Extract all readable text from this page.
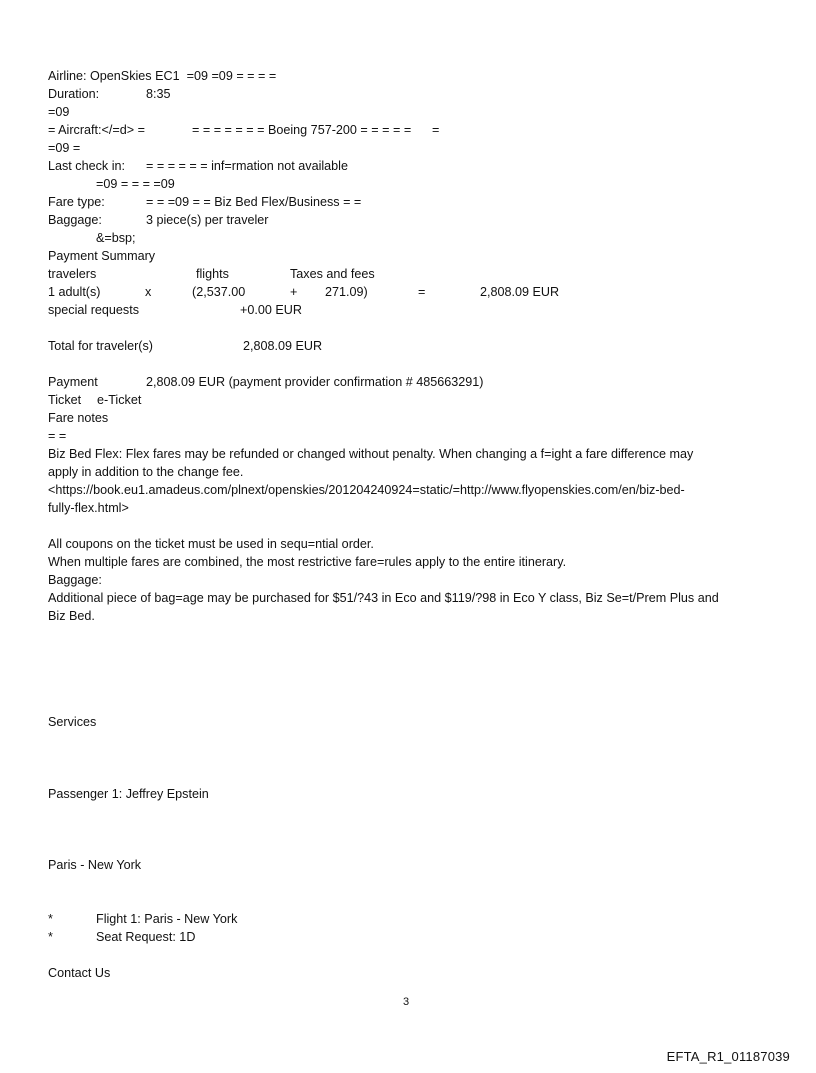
Airline: OpenSkies EC1  =09 =09 = = = =
Duration:	8:35
=09
= Aircraft:</=d> =	= = = = = = = Boeing 757-200 = = = = = =
=09 =
Last check in: = = = = = = inf=rmation not available
=09 = = = =09
Fare type:	= = =09 = = Biz Bed Flex/Business = =
Baggage:	3 piece(s) per traveler
&=bsp;
Payment Summary
travelers	flights	Taxes and fees
1 adult(s)	x	(2,537.00	+ 271.09)	=	2,808.09 EUR
special requests	+0.00 EUR
Total for traveler(s)	2,808.09 EUR
Payment	2,808.09 EUR (payment provider confirmation # 485663291)
Ticket e-Ticket
Fare notes
= =
Biz Bed Flex: Flex fares may be refunded or changed without penalty. When changing a f=ight a fare difference may
apply in addition to the change fee.
<https://book.eu1.amadeus.com/plnext/openskies/201204240924=static/=http://www.flyopenskies.com/en/biz-bed-
fully-flex.html>
All coupons on the ticket must be used in sequ=ntial order.
When multiple fares are combined, the most restrictive fare=rules apply to the entire itinerary.
Baggage:
Additional piece of bag=age may be purchased for $51/?43 in Eco and $119/?98 in Eco Y class, Biz Se=t/Prem Plus and
Biz Bed.
Services
Passenger 1: Jeffrey Epstein
Paris - New York
*	Flight 1: Paris - New York
*	Seat Request: 1D
Contact Us
3
EFTA_R1_01187039
